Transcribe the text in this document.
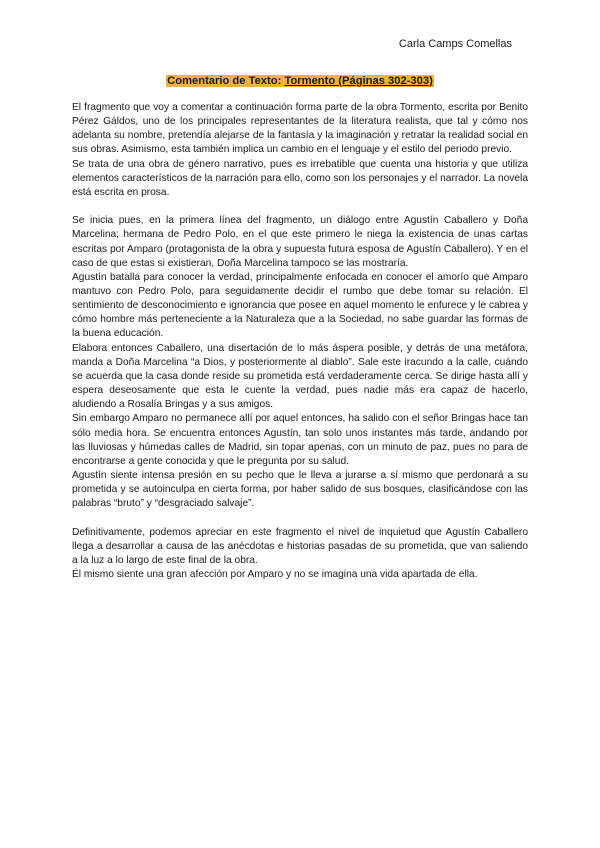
Carla Camps Comellas
Comentario de Texto: Tormento (Páginas 302-303)

El fragmento que voy a comentar a continuación forma parte de la obra Tormento, escrita por Benito Pérez Gáldos, uno de los principales representantes de la literatura realista, que tal y cómo nos adelanta su nombre, pretendía alejarse de la fantasía y la imaginación y retratar la realidad social en sus obras. Asimismo, esta también implica un cambio en el lenguaje y el estilo del periodo previo.

Se trata de una obra de género narrativo, pues es irrebatible que cuenta una historia y que utiliza elementos característicos de la narración para ello, como son los personajes y el narrador. La novela está escrita en prosa.

Se inicia pues, en la primera línea del fragmento, un diálogo entre Agustín Caballero y Doña Marcelina; hermana de Pedro Polo, en el que este primero le niega la existencia de unas cartas escritas por Amparo (protagonista de la obra y supuesta futura esposa de Agustín Caballero). Y en el caso de que estas si existieran, Doña Marcelina tampoco se las mostraría.

Agustín batalla para conocer la verdad, principalmente enfocada en conocer el amorío que Amparo mantuvo con Pedro Polo, para seguidamente decidir el rumbo que debe tomar su relación. El sentimiento de desconocimiento e ignorancia que posee en aquel momento le enfurece y le cabrea y cómo hombre más perteneciente a la Naturaleza que a la Sociedad, no sabe guardar las formas de la buena educación.

Elabora entonces Caballero, una disertación de lo más áspera posible, y detrás de una metáfora, manda a Doña Marcelina “a Dios, y posteriormente al diablo”. Sale este iracundo a la calle, cuándo se acuerda que la casa donde reside su prometida está verdaderamente cerca. Se dirige hasta allí y espera deseosamente que esta le cuente la verdad, pues nadie más era capaz de hacerlo, aludiendo a Rosalía Bringas y a sus amigos.

Sin embargo Amparo no permanece allí por aquel entonces, ha salido con el señor Bringas hace tan sólo media hora. Se encuentra entonces Agustín, tan solo unos instantes más tarde, andando por las lluviosas y húmedas calles de Madrid, sin topar apenas, con un minuto de paz, pues no para de encontrarse a gente conocida y que le pregunta por su salud.

Agustín siente intensa presión en su pecho que le lleva a jurarse a sí mismo que perdonará a su prometida y se autoinculpa en cierta forma, por haber salido de sus bosques, clasificándose con las palabras “bruto” y “desgraciado salvaje”.

Definitivamente, podemos apreciar en este fragmento el nivel de inquietud que Agustín Caballero llega a desarrollar a causa de las anécdotas e historias pasadas de su prometida, que van saliendo a la luz a lo largo de este final de la obra.

Él mismo siente una gran afección por Amparo y no se imagina una vida apartada de ella.
